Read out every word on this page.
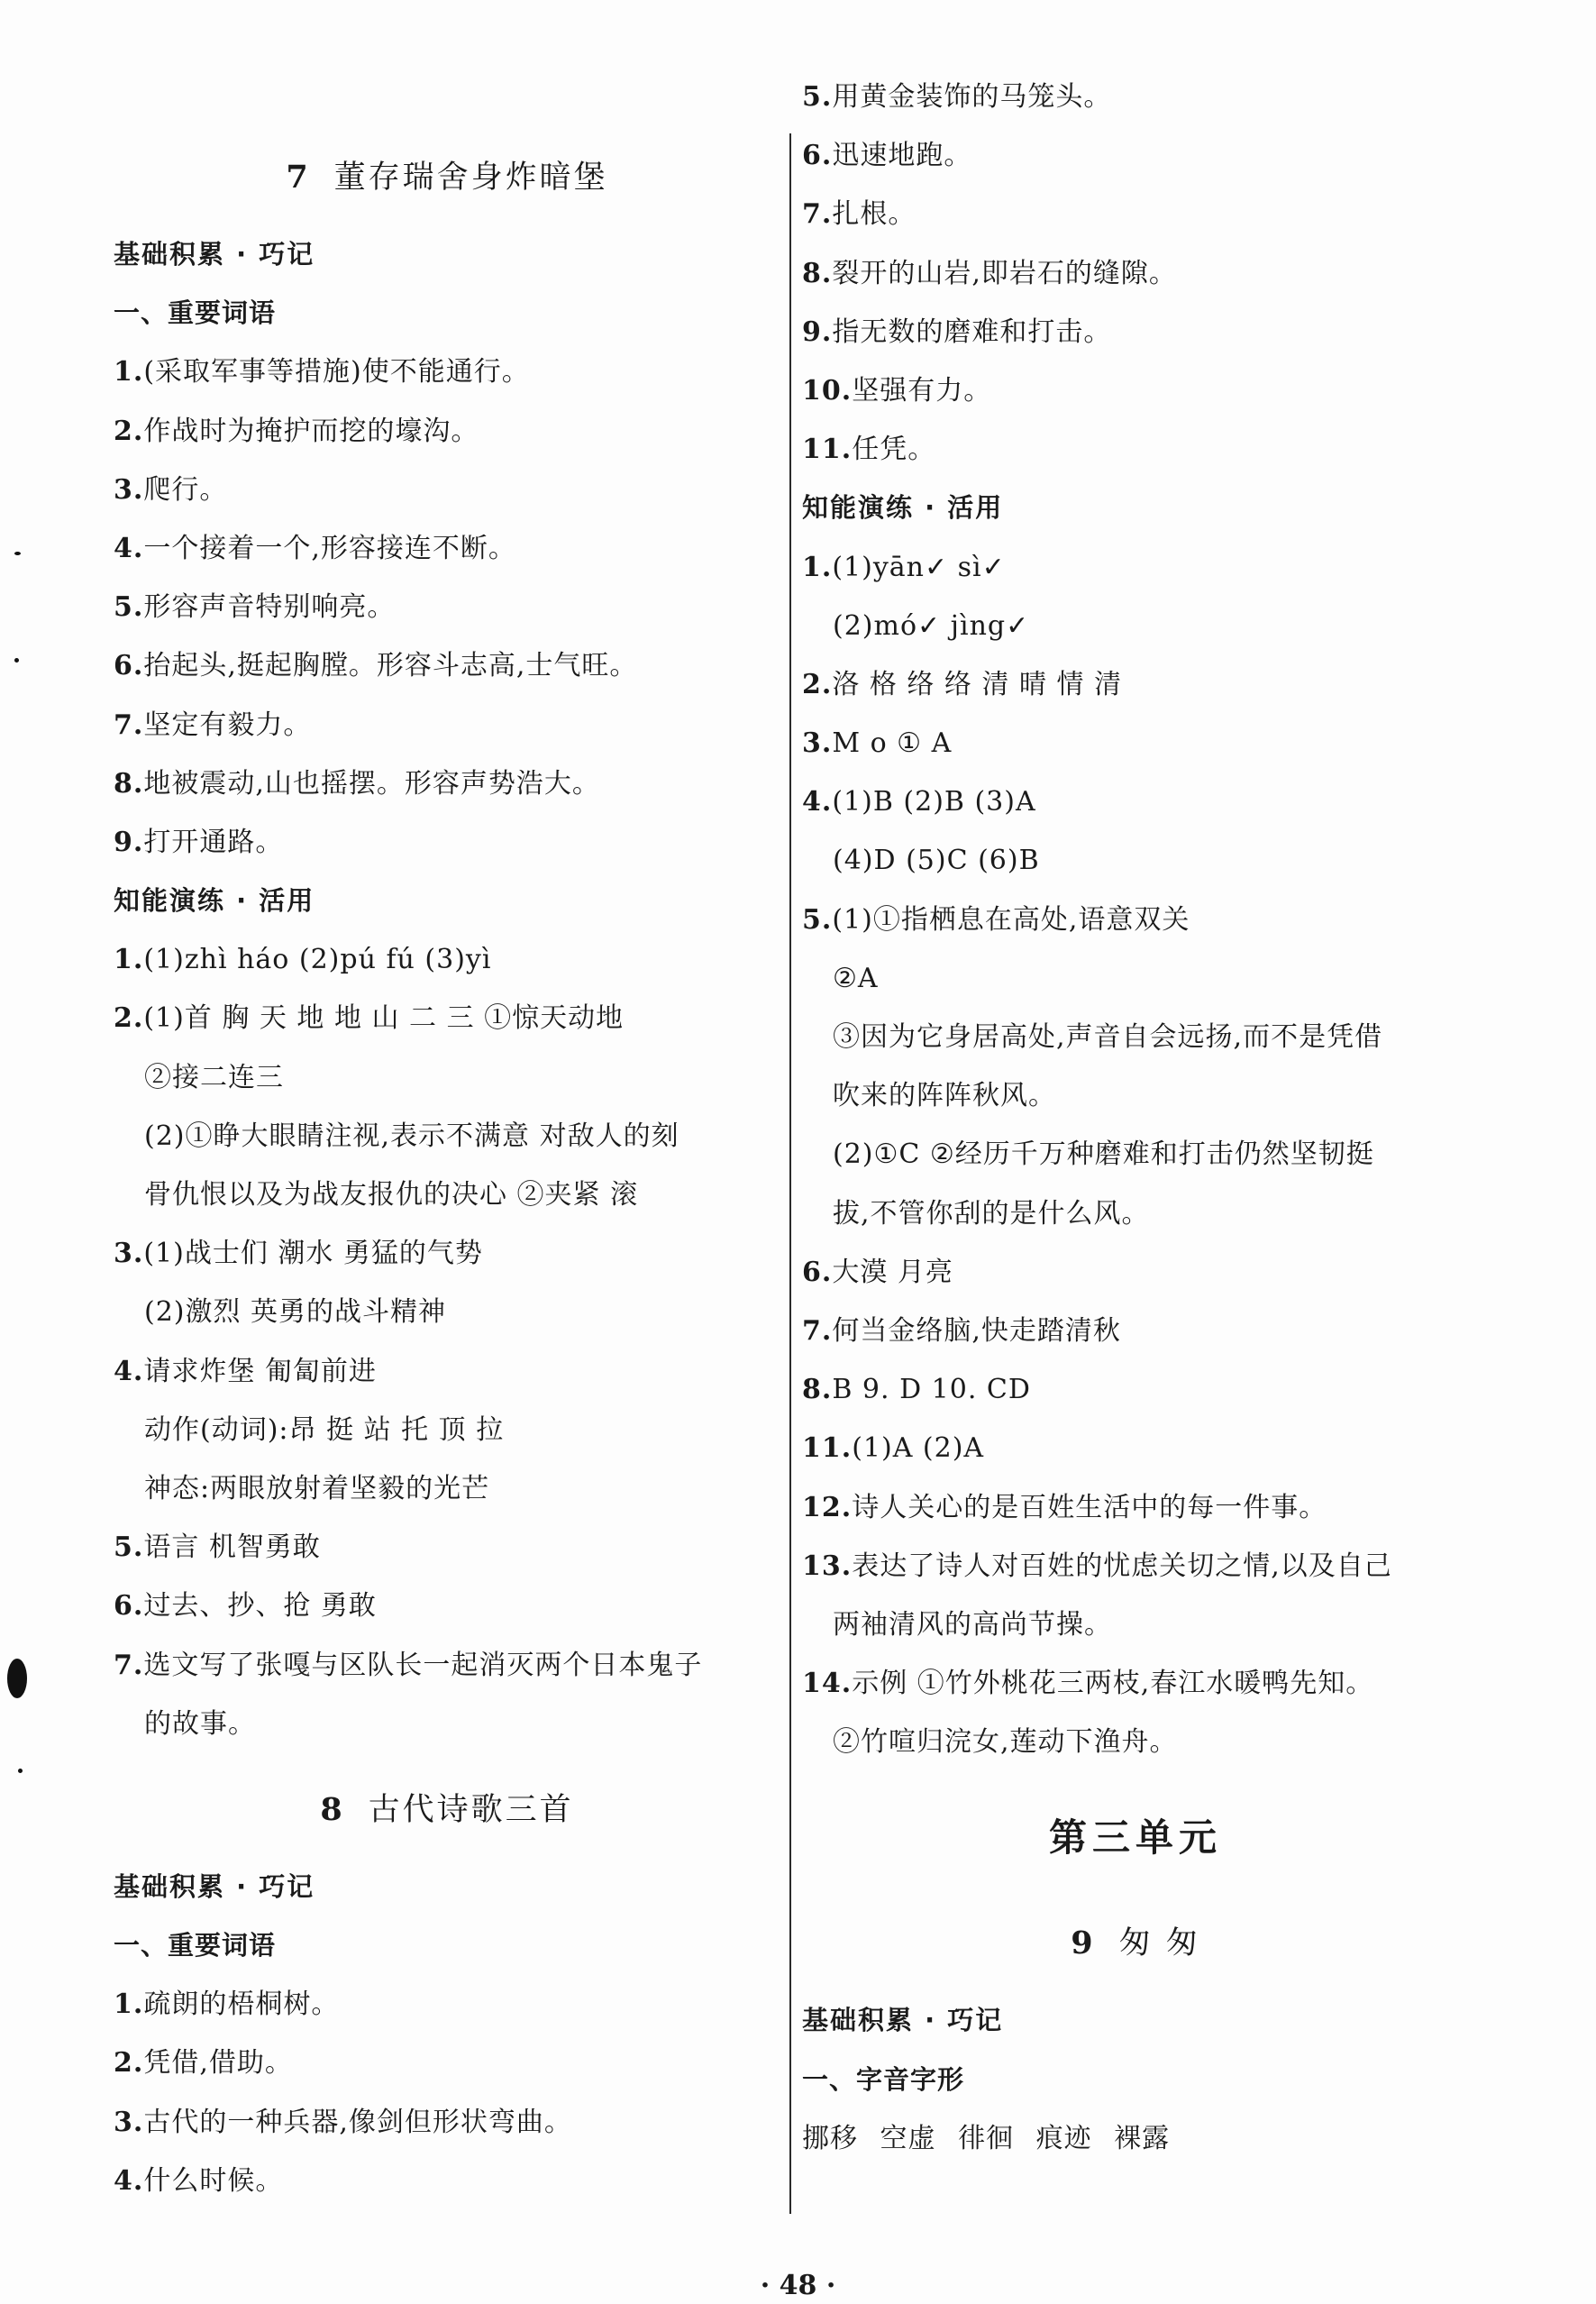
7 董存瑞舍身炸暗堡
基础积累 · 巧记
一、重要词语
1.(采取军事等措施)使不能通行。
2.作战时为掩护而挖的壕沟。
3.爬行。
4.一个接着一个,形容接连不断。
5.形容声音特别响亮。
6.抬起头,挺起胸膛。形容斗志高,士气旺。
7.坚定有毅力。
8.地被震动,山也摇摆。形容声势浩大。
9.打开通路。
知能演练 · 活用
1.(1)zhì háo (2)pú fú (3)yì
2.(1)首 胸 天 地 地 山 二 三 ①惊天动地
②接二连三
(2)①睁大眼睛注视,表示不满意 对敌人的刻
骨仇恨以及为战友报仇的决心 ②夹紧 滚
3.(1)战士们 潮水 勇猛的气势
(2)激烈 英勇的战斗精神
4.请求炸堡 匍匐前进
动作(动词):昂 挺 站 托 顶 拉
神态:两眼放射着坚毅的光芒
5.语言 机智勇敢
6.过去、抄、抢 勇敢
7.选文写了张嘎与区队长一起消灭两个日本鬼子
的故事。
8 古代诗歌三首
基础积累 · 巧记
一、重要词语
1.疏朗的梧桐树。
2.凭借,借助。
3.古代的一种兵器,像剑但形状弯曲。
4.什么时候。
5.用黄金装饰的马笼头。
6.迅速地跑。
7.扎根。
8.裂开的山岩,即岩石的缝隙。
9.指无数的磨难和打击。
10.坚强有力。
11.任凭。
知能演练 · 活用
1.(1)yān✓ sì✓
(2)mó✓ jìng✓
2.洛 格 络 络 清 晴 情 清
3.M o ① A
4.(1)B (2)B (3)A
(4)D (5)C (6)B
5.(1)①指栖息在高处,语意双关
②A
③因为它身居高处,声音自会远扬,而不是凭借
吹来的阵阵秋风。
(2)①C ②经历千万种磨难和打击仍然坚韧挺
拔,不管你刮的是什么风。
6.大漠 月亮
7.何当金络脑,快走踏清秋
8.B 9. D 10. CD
11.(1)A (2)A
12.诗人关心的是百姓生活中的每一件事。
13.表达了诗人对百姓的忧虑关切之情,以及自己
两袖清风的高尚节操。
14.示例 ①竹外桃花三两枝,春江水暖鸭先知。
②竹喧归浣女,莲动下渔舟。
第三单元
9 匆 匆
基础积累 · 巧记
一、字音字形
挪移 空虚 徘徊 痕迹 裸露
· 48 ·
